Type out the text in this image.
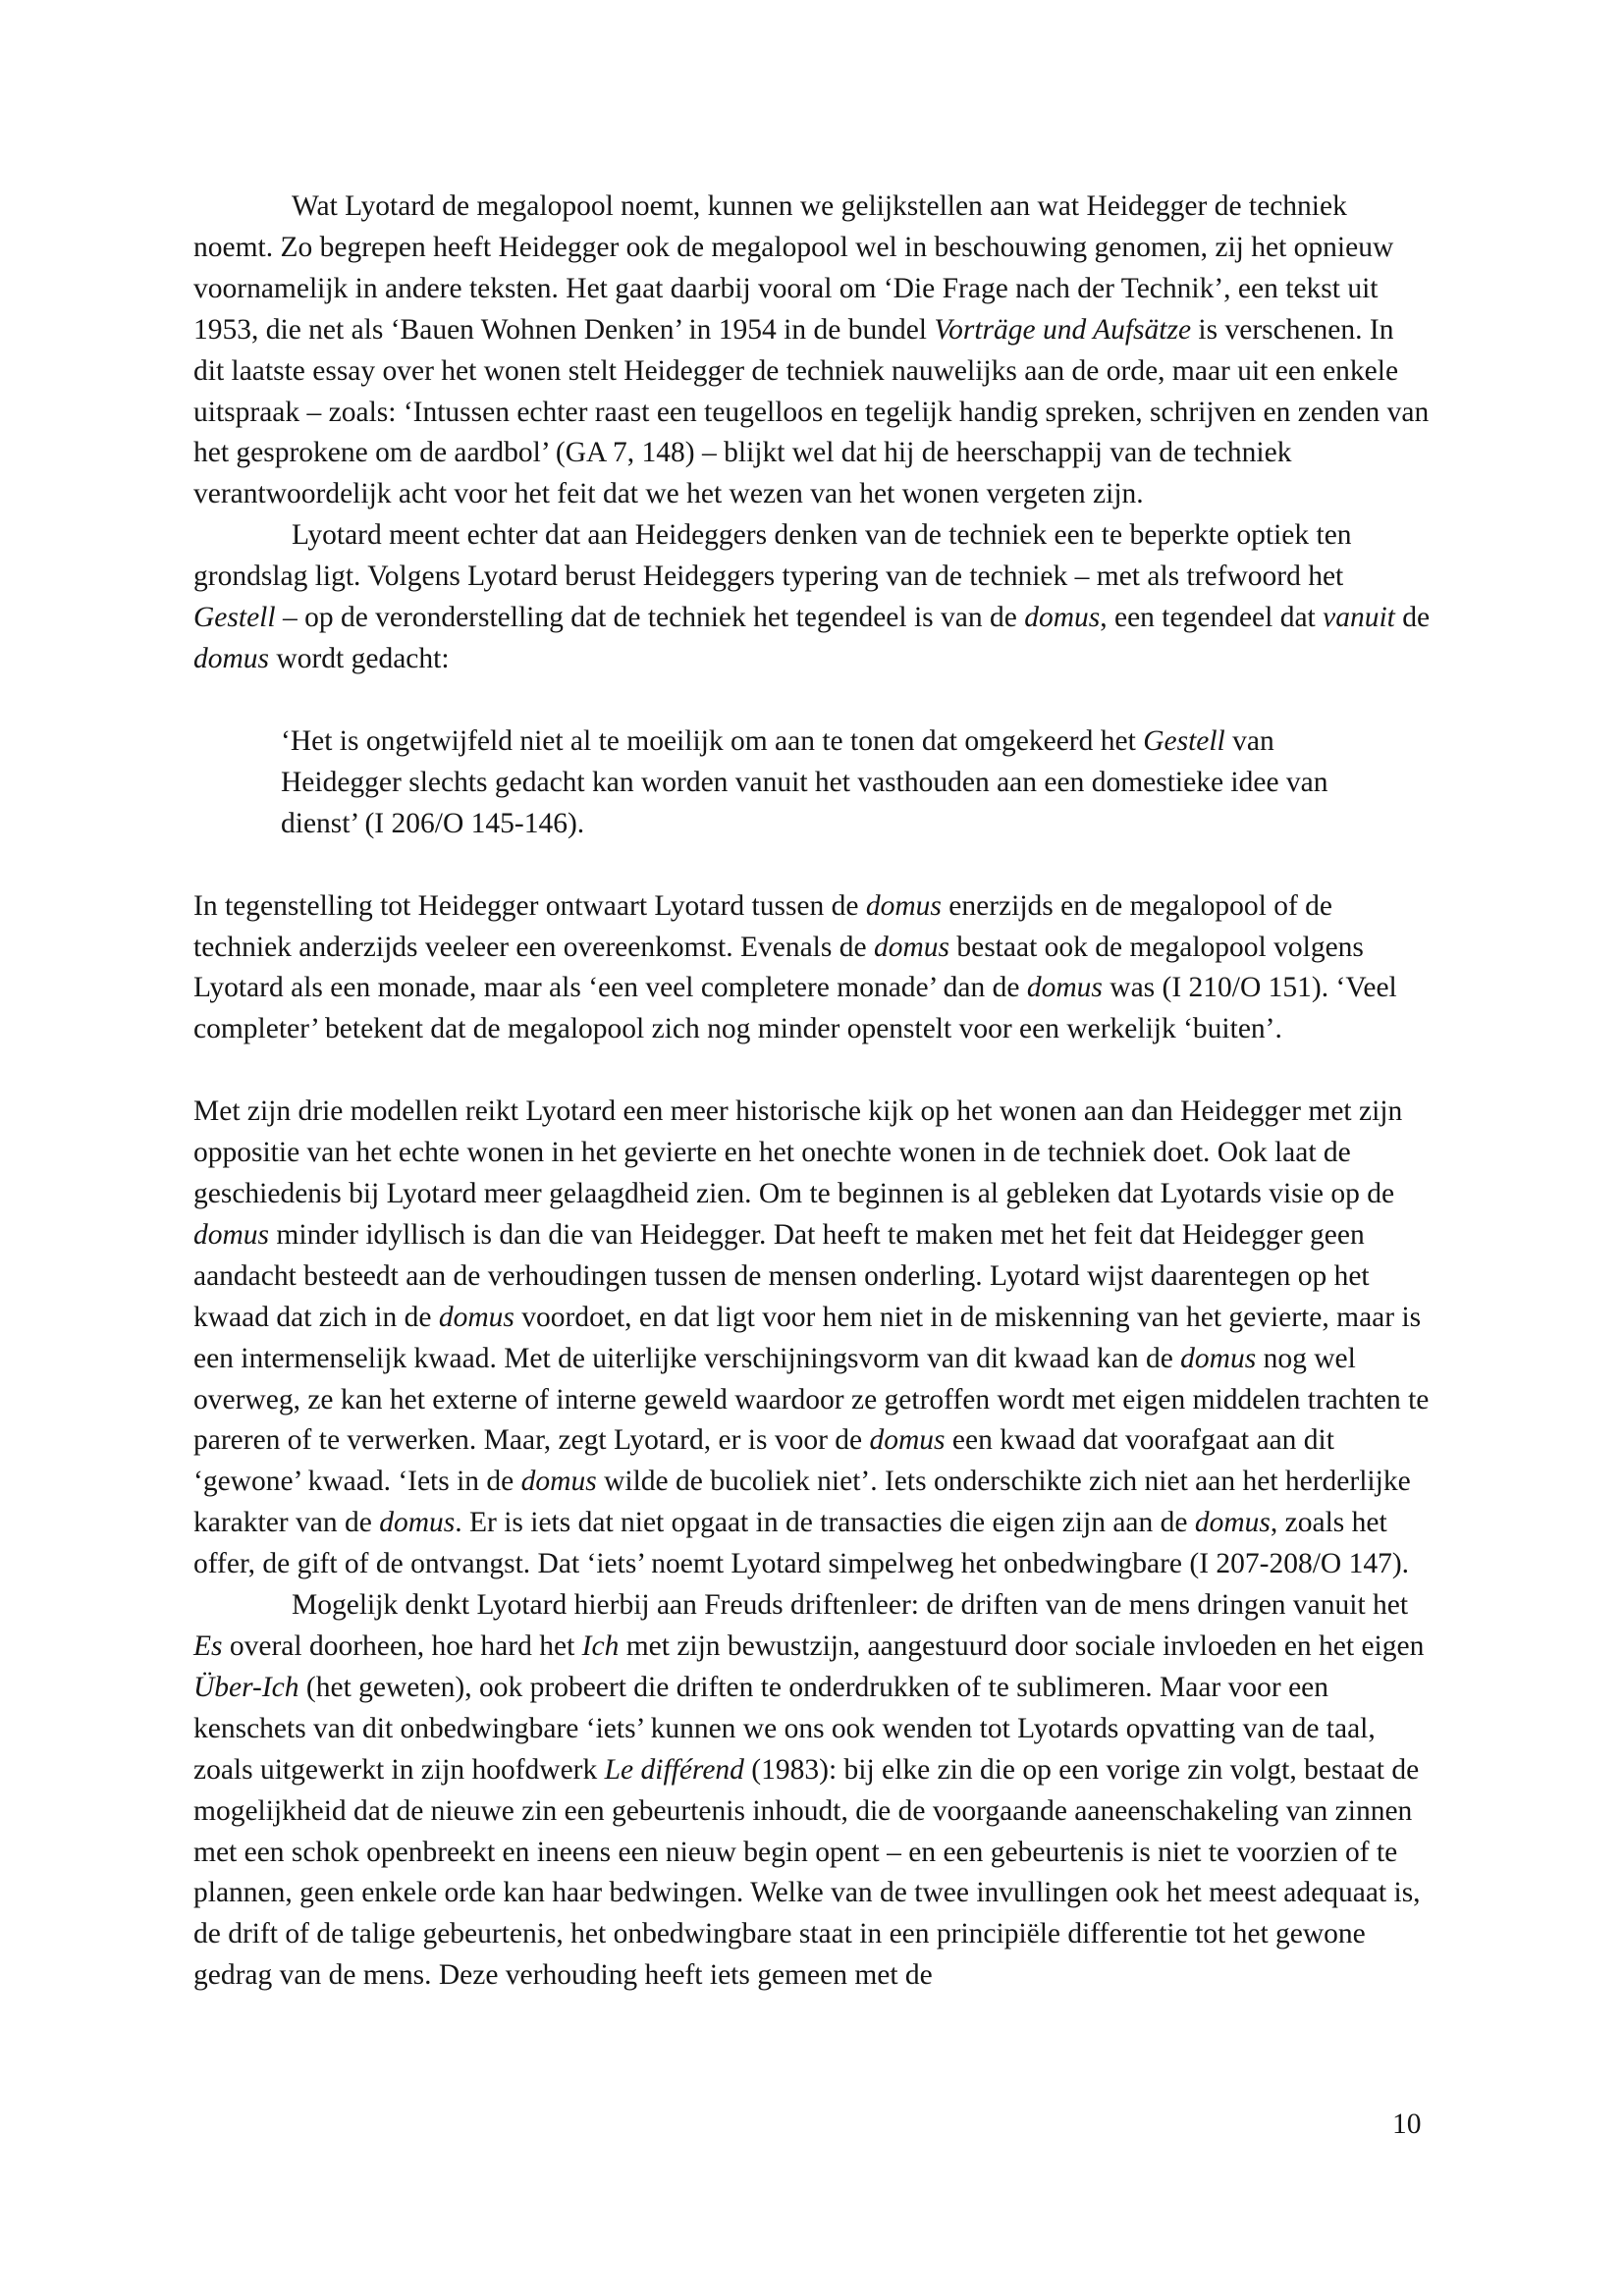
Wat Lyotard de megalopool noemt, kunnen we gelijkstellen aan wat Heidegger de techniek noemt. Zo begrepen heeft Heidegger ook de megalopool wel in beschouwing genomen, zij het opnieuw voornamelijk in andere teksten. Het gaat daarbij vooral om ‘Die Frage nach der Technik’, een tekst uit 1953, die net als ‘Bauen Wohnen Denken’ in 1954 in de bundel Vorträge und Aufsätze is verschenen. In dit laatste essay over het wonen stelt Heidegger de techniek nauwelijks aan de orde, maar uit een enkele uitspraak – zoals: ‘Intussen echter raast een teugelloos en tegelijk handig spreken, schrijven en zenden van het gesprokene om de aardbol’ (GA 7, 148) – blijkt wel dat hij de heerschappij van de techniek verantwoordelijk acht voor het feit dat we het wezen van het wonen vergeten zijn.

Lyotard meent echter dat aan Heideggers denken van de techniek een te beperkte optiek ten grondslag ligt. Volgens Lyotard berust Heideggers typering van de techniek – met als trefwoord het Gestell – op de veronderstelling dat de techniek het tegendeel is van de domus, een tegendeel dat vanuit de domus wordt gedacht:

‘Het is ongetwijfeld niet al te moeilijk om aan te tonen dat omgekeerd het Gestell van Heidegger slechts gedacht kan worden vanuit het vasthouden aan een domestieke idee van dienst’ (I 206/O 145-146).

In tegenstelling tot Heidegger ontwaart Lyotard tussen de domus enerzijds en de megalopool of de techniek anderzijds veeleer een overeenkomst. Evenals de domus bestaat ook de megalopool volgens Lyotard als een monade, maar als ‘een veel completere monade’ dan de domus was (I 210/O 151). ‘Veel completer’ betekent dat de megalopool zich nog minder openstelt voor een werkelijk ‘buiten’.

Met zijn drie modellen reikt Lyotard een meer historische kijk op het wonen aan dan Heidegger met zijn oppositie van het echte wonen in het gevierte en het onechte wonen in de techniek doet. Ook laat de geschiedenis bij Lyotard meer gelaagdheid zien. Om te beginnen is al gebleken dat Lyotards visie op de domus minder idyllisch is dan die van Heidegger. Dat heeft te maken met het feit dat Heidegger geen aandacht besteedt aan de verhoudingen tussen de mensen onderling. Lyotard wijst daarentegen op het kwaad dat zich in de domus voordoet, en dat ligt voor hem niet in de miskenning van het gevierte, maar is een intermenselijk kwaad. Met de uiterlijke verschijningsvorm van dit kwaad kan de domus nog wel overweg, ze kan het externe of interne geweld waardoor ze getroffen wordt met eigen middelen trachten te pareren of te verwerken. Maar, zegt Lyotard, er is voor de domus een kwaad dat voorafgaat aan dit ‘gewone’ kwaad. ‘Iets in de domus wilde de bucoliek niet’. Iets onderschikte zich niet aan het herderlijke karakter van de domus. Er is iets dat niet opgaat in de transacties die eigen zijn aan de domus, zoals het offer, de gift of de ontvangst. Dat ‘iets’ noemt Lyotard simpelweg het onbedwingbare (I 207-208/O 147).

Mogelijk denkt Lyotard hierbij aan Freuds driftenleer: de driften van de mens dringen vanuit het Es overal doorheen, hoe hard het Ich met zijn bewustzijn, aangestuurd door sociale invloeden en het eigen Über-Ich (het geweten), ook probeert die driften te onderdrukken of te sublimeren. Maar voor een kenschets van dit onbedwingbare ‘iets’ kunnen we ons ook wenden tot Lyotards opvatting van de taal, zoals uitgewerkt in zijn hoofdwerk Le différend (1983): bij elke zin die op een vorige zin volgt, bestaat de mogelijkheid dat de nieuwe zin een gebeurtenis inhoudt, die de voorgaande aaneenschakeling van zinnen met een schok openbreekt en ineens een nieuw begin opent – en een gebeurtenis is niet te voorzien of te plannen, geen enkele orde kan haar bedwingen. Welke van de twee invullingen ook het meest adequaat is, de drift of de talige gebeurtenis, het onbedwingbare staat in een principiële differentie tot het gewone gedrag van de mens. Deze verhouding heeft iets gemeen met de

10
